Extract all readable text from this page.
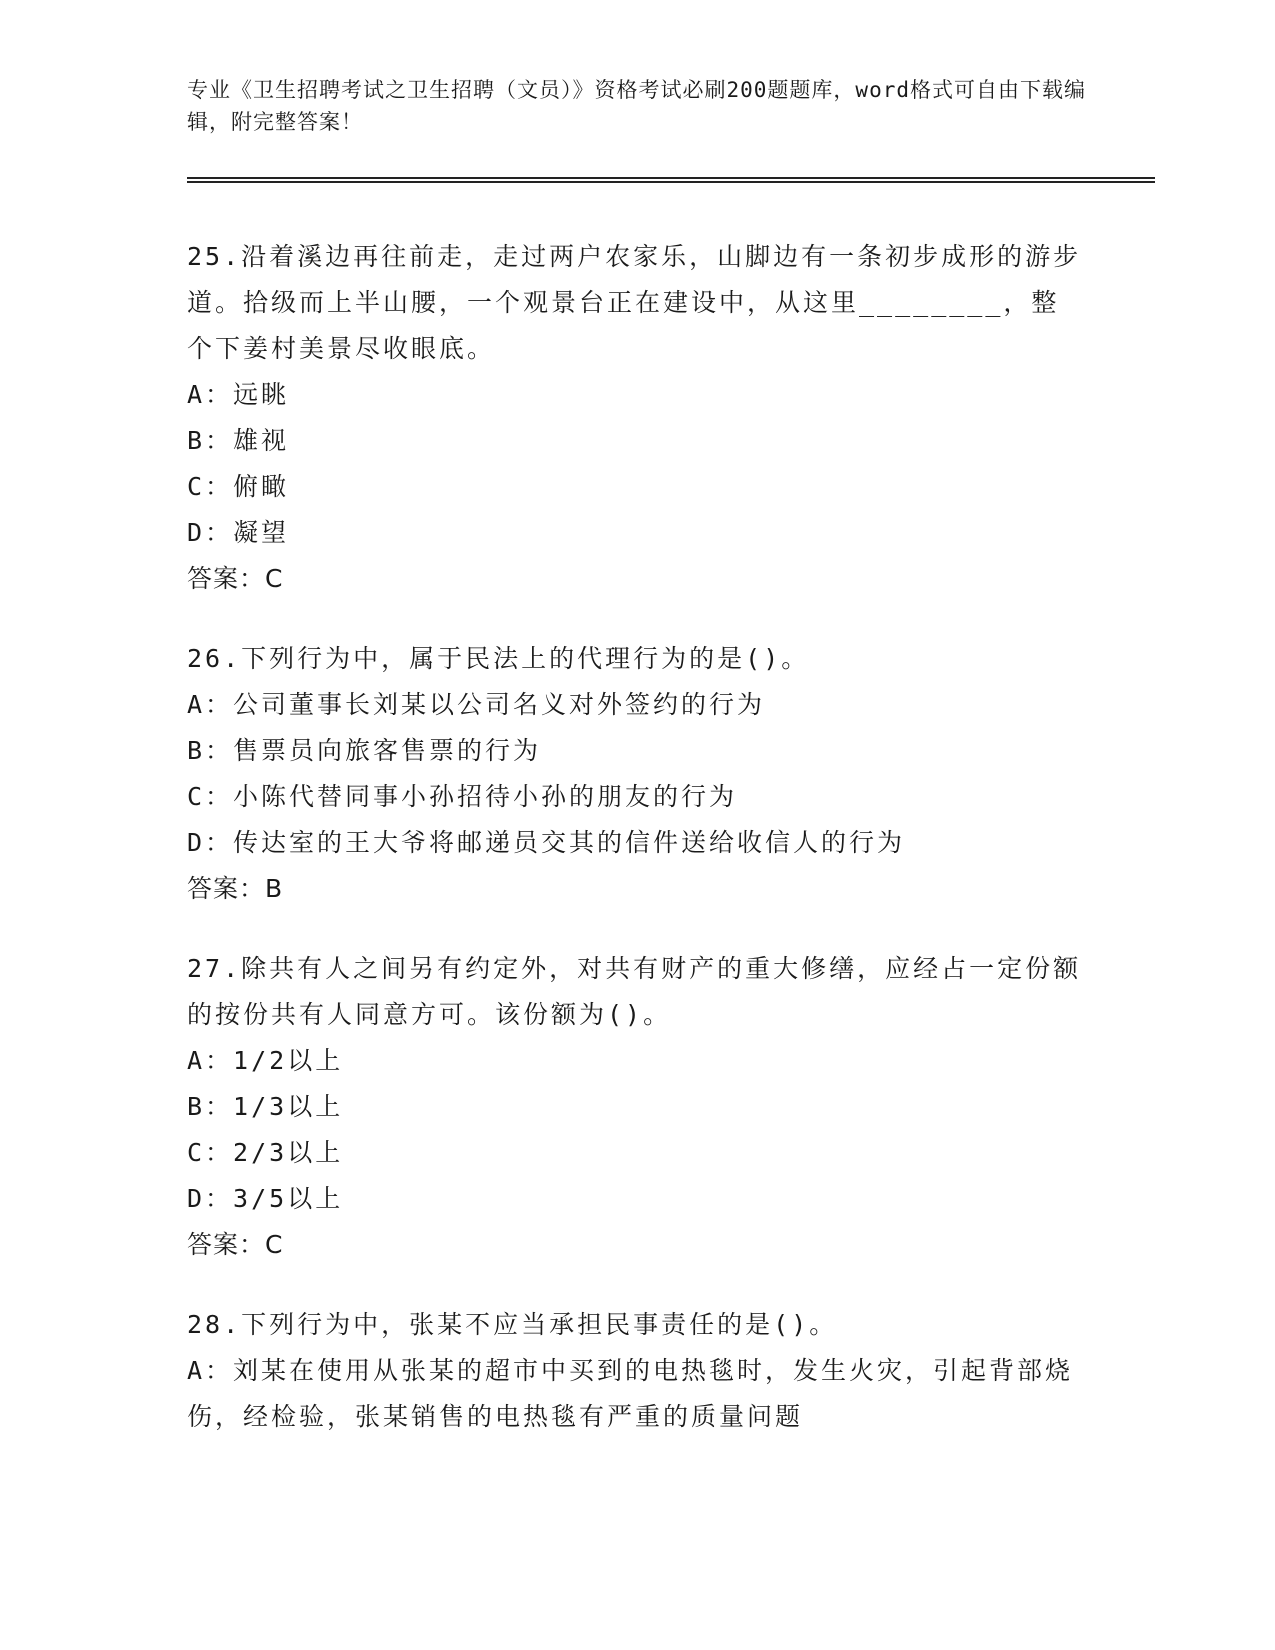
专业《卫生招聘考试之卫生招聘（文员）》资格考试必刷200题题库，word格式可自由下载编辑，附完整答案！

25.沿着溪边再往前走，走过两户农家乐，山脚边有一条初步成形的游步道。拾级而上半山腰，一个观景台正在建设中，从这里________，整个下姜村美景尽收眼底。

A：远眺

B：雄视

C：俯瞰

D：凝望

答案：C

26.下列行为中，属于民法上的代理行为的是()。

A：公司董事长刘某以公司名义对外签约的行为

B：售票员向旅客售票的行为

C：小陈代替同事小孙招待小孙的朋友的行为

D：传达室的王大爷将邮递员交其的信件送给收信人的行为

答案：B

27.除共有人之间另有约定外，对共有财产的重大修缮，应经占一定份额的按份共有人同意方可。该份额为()。

A：1/2以上

B：1/3以上

C：2/3以上

D：3/5以上

答案：C

28.下列行为中，张某不应当承担民事责任的是()。

A：刘某在使用从张某的超市中买到的电热毯时，发生火灾，引起背部烧伤，经检验，张某销售的电热毯有严重的质量问题
